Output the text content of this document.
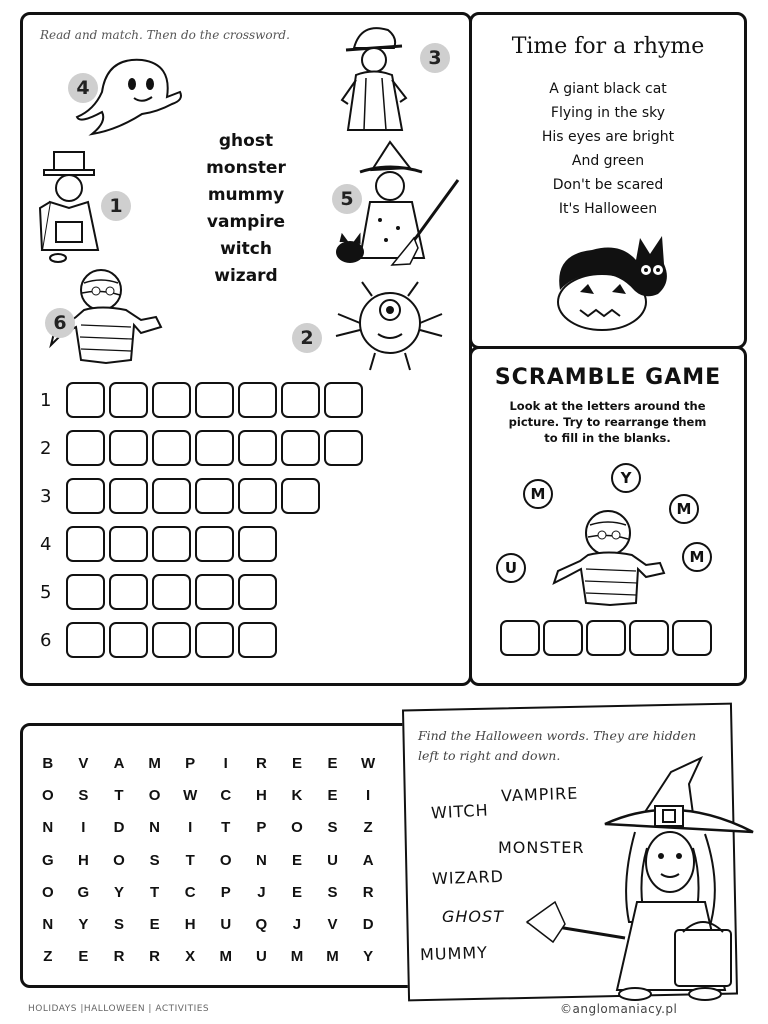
Read and match. Then do the crossword.
4
1
6
3
5
2
ghost
monster
mummy
vampire
witch
wizard
1
2
3
4
5
6
Time for a rhyme
A giant black cat
Flying in the sky
His eyes are bright
And green
Don't be scared
It's Halloween
SCRAMBLE GAME
Look at the letters around the picture. Try to rearrange them to fill in the blanks.
M
Y
M
U
M
B	V	A	M	P	I	R	E	E	W
O	S	T	O	W	C	H	K	E	I
N	I	D	N	I	T	P	O	S	Z
G	H	O	S	T	O	N	E	U	A
O	G	Y	T	C	P	J	E	S	R
N	Y	S	E	H	U	Q	J	V	D
Z	E	R	R	X	M	U	M	M	Y
Find the Halloween words. They are hidden left to right and down.
VAMPIRE
WITCH
MONSTER
WIZARD
GHOST
MUMMY
HOLIDAYS |HALLOWEEN | ACTIVITIES	©anglomaniacy.pl
